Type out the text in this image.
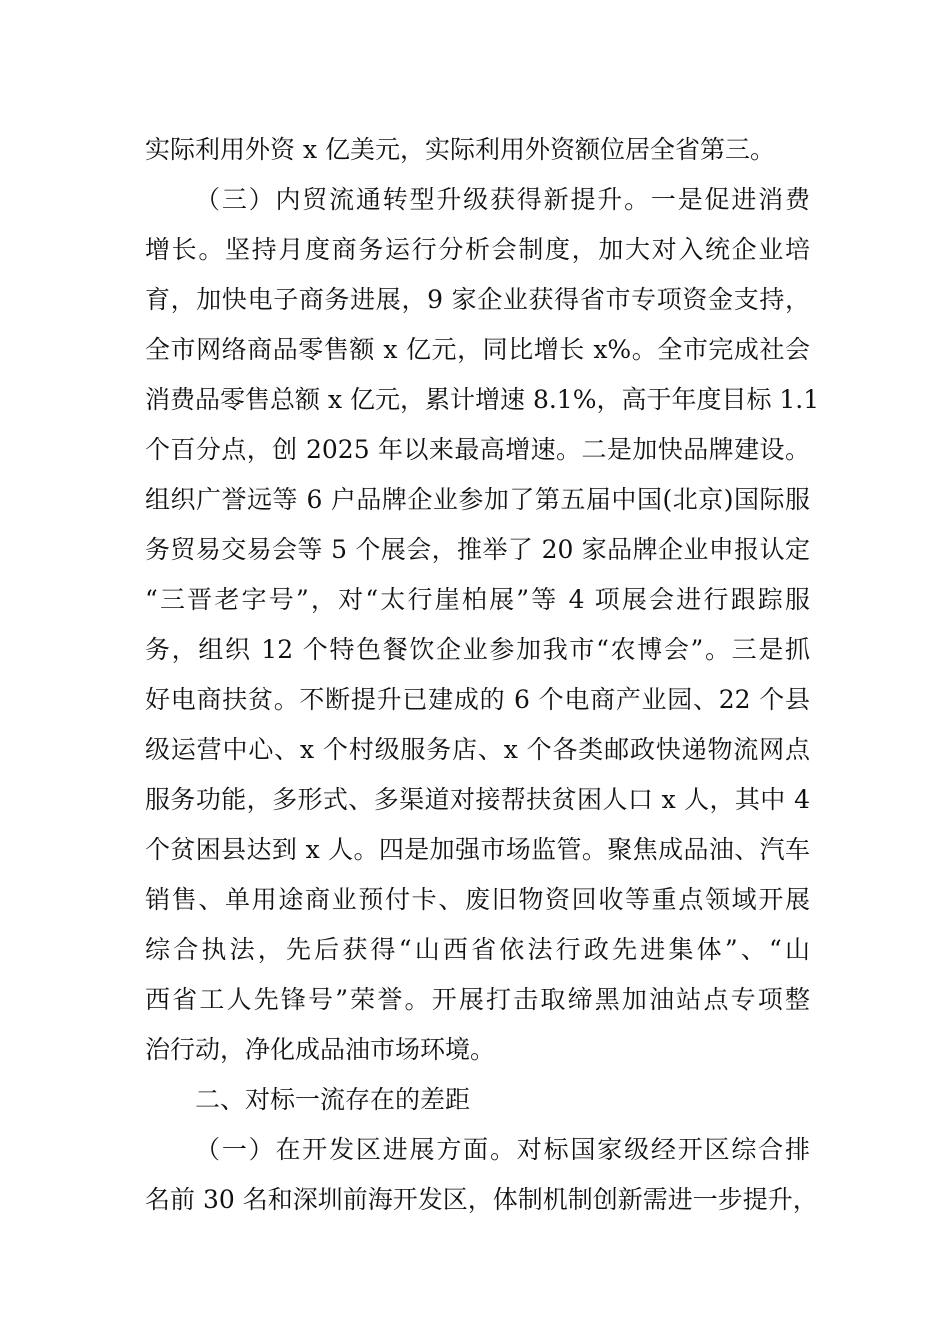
实际利用外资 x 亿美元，实际利用外资额位居全省第三。
（三）内贸流通转型升级获得新提升。一是促进消费
增长。坚持月度商务运行分析会制度，加大对入统企业培
育，加快电子商务进展，9 家企业获得省市专项资金支持，
全市网络商品零售额 x 亿元，同比增长 x%。全市完成社会
消费品零售总额 x 亿元，累计增速 8.1%，高于年度目标 1.1
个百分点，创 2025 年以来最高增速。二是加快品牌建设。
组织广誉远等 6 户品牌企业参加了第五届中国(北京)国际服
务贸易交易会等 5 个展会，推举了 20 家品牌企业申报认定
“三晋老字号”，对“太行崖柏展”等 4 项展会进行跟踪服
务，组织 12 个特色餐饮企业参加我市“农博会”。三是抓
好电商扶贫。不断提升已建成的 6 个电商产业园、22 个县
级运营中心、x 个村级服务店、x 个各类邮政快递物流网点
服务功能，多形式、多渠道对接帮扶贫困人口 x 人，其中 4
个贫困县达到 x 人。四是加强市场监管。聚焦成品油、汽车
销售、单用途商业预付卡、废旧物资回收等重点领域开展
综合执法，先后获得“山西省依法行政先进集体”、“山
西省工人先锋号”荣誉。开展打击取缔黑加油站点专项整
治行动，净化成品油市场环境。
二、对标一流存在的差距
（一）在开发区进展方面。对标国家级经开区综合排
名前 30 名和深圳前海开发区，体制机制创新需进一步提升，
